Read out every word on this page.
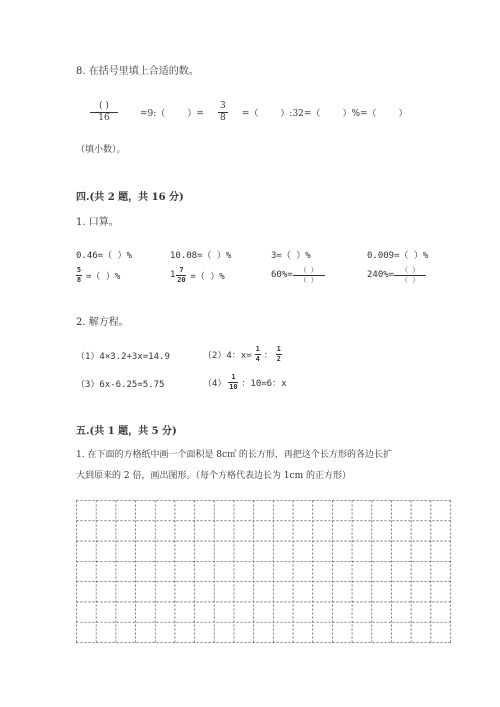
8. 在括号里填上合适的数。
$\frac{( )}{16}$ =9:（ ）= $\frac{3}{8}$ =（ ）:32=（ ）%=（ ）
（填小数）。
四.(共 2 题，共 16 分)
1. 口算。
0.46=（ ）%	10.08=（ ）%	3=（ ）%	0.009=（ ）%
$\frac{5}{8}$ =（ ）%	$1 \frac{7}{20}$ =（ ）%	$60\%= \frac{( )}{( )}$	$240\%= \frac{( )}{( )}$
2. 解方程。
（1）4×3.2+3x=14.9	（2）4：$x= \frac{1}{4}$ ： $\frac{1}{2}$
（3）6x-6.25=5.75	$(4) \frac{1}{10}$ ：10=6：x
五.(共 1 题，共 5 分)
1. 在下面的方格纸中画一个面积是 8c㎡ 的长方形，再把这个长方形的各边长扩
大到原来的 2 倍，画出图形。（每个方格代表边长为 1cm 的正方形）
